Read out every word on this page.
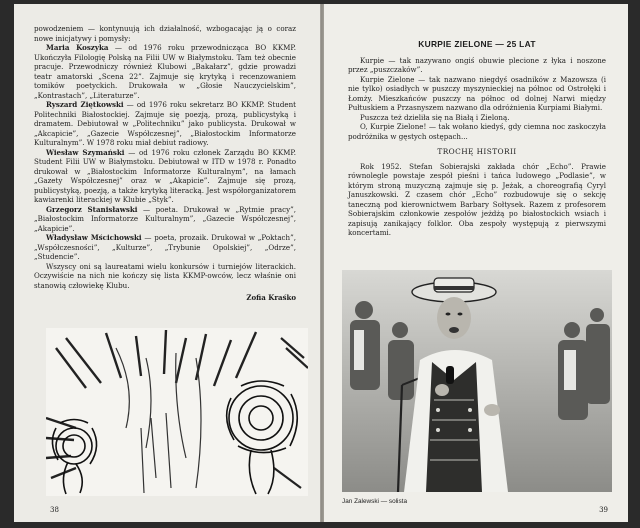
powodzeniem — kontynuują ich działalność, wzbogacając ją o coraz nowe inicjatywy i pomysły:

Maria Koszyka — od 1976 roku przewodnicząca BO KKMP. Ukończyła Filologię Polską na Filii UW w Białymstoku. Tam też obecnie pracuje. Przewodniczy również Klubowi „Bakałarz”, gdzie prowadzi teatr amatorski „Scena 22”. Zajmuje się krytyką i recenzowaniem tomików poetyckich. Drukowała w „Głosie Nauczycielskim”, „Kontrastach”, „Literaturze”.

Ryszard Ziętkowski — od 1976 roku sekretarz BO KKMP. Student Politechniki Białostockiej. Zajmuje się poezją, prozą, publicystyką i dramatem. Debiutował w „Politechniku” jako publicysta. Drukował w „Akcapicie”, „Gazecie Współczesnej”, „Białostockim Informatorze Kulturalnym”. W 1978 roku miał debiut radiowy.

Wiesław Szymański — od 1976 roku członek Zarządu BO KKMP. Student Filii UW w Białymstoku. Debiutował w ITD w 1978 r. Ponadto drukował w „Białostockim Informatorze Kulturalnym”, na łamach „Gazety Współczesnej” oraz w „Akapicie”. Zajmuje się prozą, publicystyką, poezją, a także krytyką literacką. Jest współorganizatorem kawiarenki literackiej w Klubie „Styk”.

Grzegorz Stanisławski — poeta. Drukował w „Rytmie pracy”, „Białostockim Informatorze Kulturalnym”, „Gazecie Współczesnej”, „Akapicie”.

Władysław Mścichowski — poeta, prozaik. Drukował w „Poktach”, „Współczesności”, „Kulturze”, „Trybunie Opolskiej”, „Odrze”, „Studencie”.

Wszyscy oni są laureatami wielu konkursów i turniejów literackich. Oczywiście na nich nie kończy się lista KKMP-owców, lecz właśnie oni stanowią człowiekę Klubu.

Zofia Kraśko
38
KURPIE ZIELONE — 25 LAT

Kurpie — tak nazywano ongiś obuwie plecione z łyka i noszone przez „puszczaków”.

Kurpie Zielone — tak nazwano niegdyś osadników z Mazowsza (i nie tylko) osiadłych w puszczy myszynieckiej na północ od Ostrołęki i Łomży. Mieszkańców puszczy na północ od dolnej Narwi między Pułtuskiem a Przasnyszem nazwano dla odróżnienia Kurpiami Białymi.

Puszcza też dzieliła się na Białą i Zieloną.

O, Kurpie Zielone! — tak wołano kiedyś, gdy ciemna noc zaskoczyła podróżnika w gęstych ostępach...

TROCHĘ HISTORII

Rok 1952. Stefan Sobierajski zakłada chór „Echo”. Prawie równolegle powstaje zespół pieśni i tańca ludowego „Podlasie”, w którym stroną muzyczną zajmuje się p. Jeżak, a choreografią Cyryl Januszkowski. Z czasem chór „Echo” rozbudowuje się o sekcję taneczną pod kierownictwem Barbary Sołtysek. Razem z profesorem Sobierajskim członkowie zespołów jeżdżą po białostockich wsiach i zapisują zanikający folklor. Oba zespoły występują z pierwszymi koncertami.

Jan Zalewski — solista
39
